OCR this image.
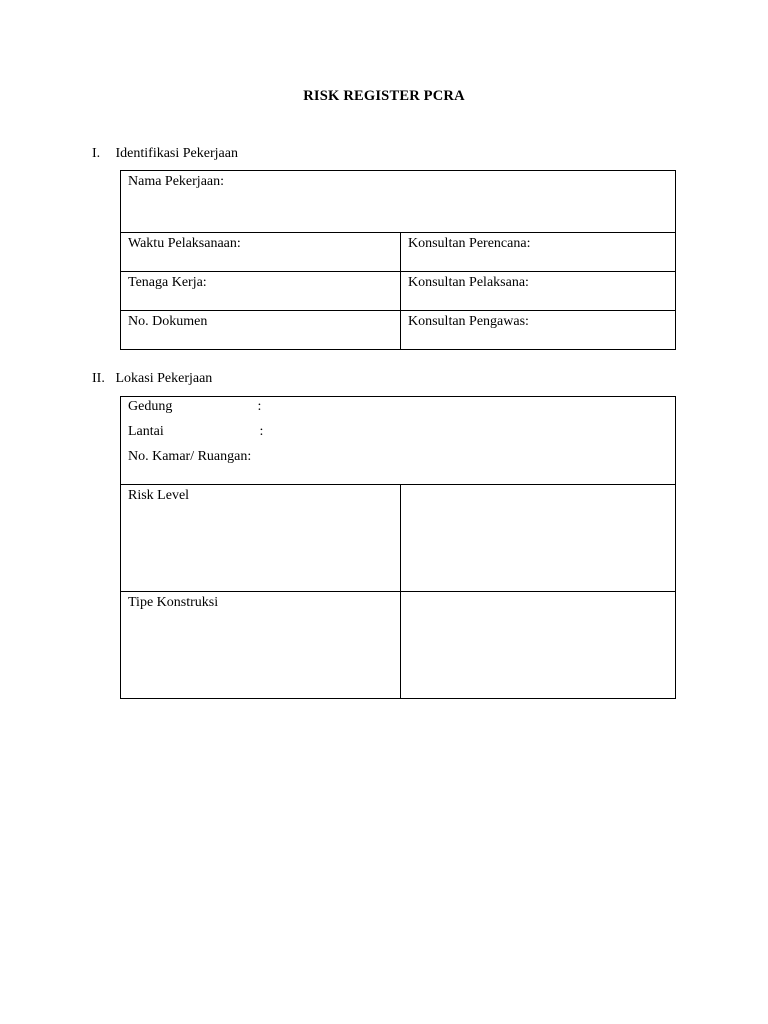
RISK REGISTER PCRA
I. Identifikasi Pekerjaan
Nama Pekerjaan:	
Waktu Pelaksanaan:	Konsultan Perencana:
Tenaga Kerja:	Konsultan Pelaksana:
No. Dokumen	Konsultan Pengawas:
II. Lokasi Pekerjaan
Gedung :
Lantai :
No. Kamar/ Ruangan:	

Risk Level	
Tipe Konstruksi	
